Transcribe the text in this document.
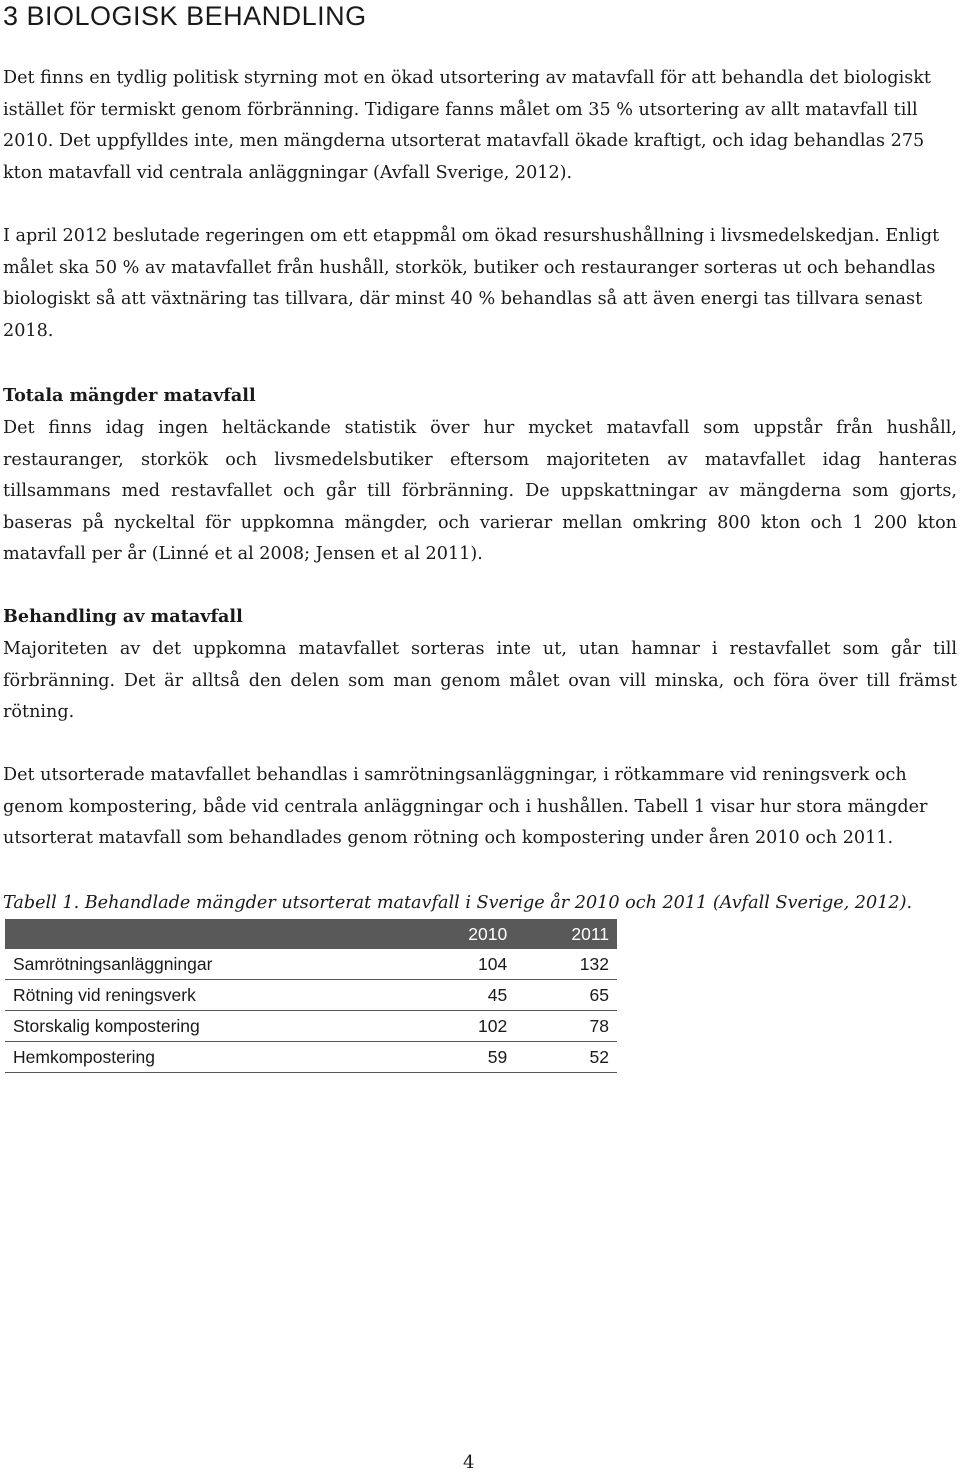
3 BIOLOGISK BEHANDLING

Det finns en tydlig politisk styrning mot en ökad utsortering av matavfall för att behandla det biologiskt
istället för termiskt genom förbränning. Tidigare fanns målet om 35 % utsortering av allt matavfall till
2010. Det uppfylldes inte, men mängderna utsorterat matavfall ökade kraftigt, och idag behandlas 275
kton matavfall vid centrala anläggningar (Avfall Sverige, 2012).

I april 2012 beslutade regeringen om ett etappmål om ökad resurshushållning i livsmedelskedjan. Enligt
målet ska 50 % av matavfallet från hushåll, storkök, butiker och restauranger sorteras ut och behandlas
biologiskt så att växtnäring tas tillvara, där minst 40 % behandlas så att även energi tas tillvara senast
2018.

Totala mängder matavfall

Det finns idag ingen heltäckande statistik över hur mycket matavfall som uppstår från hushåll, restauranger, storkök och livsmedelsbutiker eftersom majoriteten av matavfallet idag hanteras tillsammans med restavfallet och går till förbränning. De uppskattningar av mängderna som gjorts, baseras på nyckeltal för uppkomna mängder, och varierar mellan omkring 800 kton och 1 200 kton matavfall per år (Linné et al 2008; Jensen et al 2011).

Behandling av matavfall

Majoriteten av det uppkomna matavfallet sorteras inte ut, utan hamnar i restavfallet som går till förbränning. Det är alltså den delen som man genom målet ovan vill minska, och föra över till främst rötning.

Det utsorterade matavfallet behandlas i samrötningsanläggningar, i rötkammare vid reningsverk och
genom kompostering, både vid centrala anläggningar och i hushållen. Tabell 1 visar hur stora mängder
utsorterat matavfall som behandlades genom rötning och kompostering under åren 2010 och 2011.

Tabell 1. Behandlade mängder utsorterat matavfall i Sverige år 2010 och 2011 (Avfall Sverige, 2012).

	2010	2011
Samrötningsanläggningar	104	132
Rötning vid reningsverk	45	65
Storskalig kompostering	102	78
Hemkompostering	59	52
4
